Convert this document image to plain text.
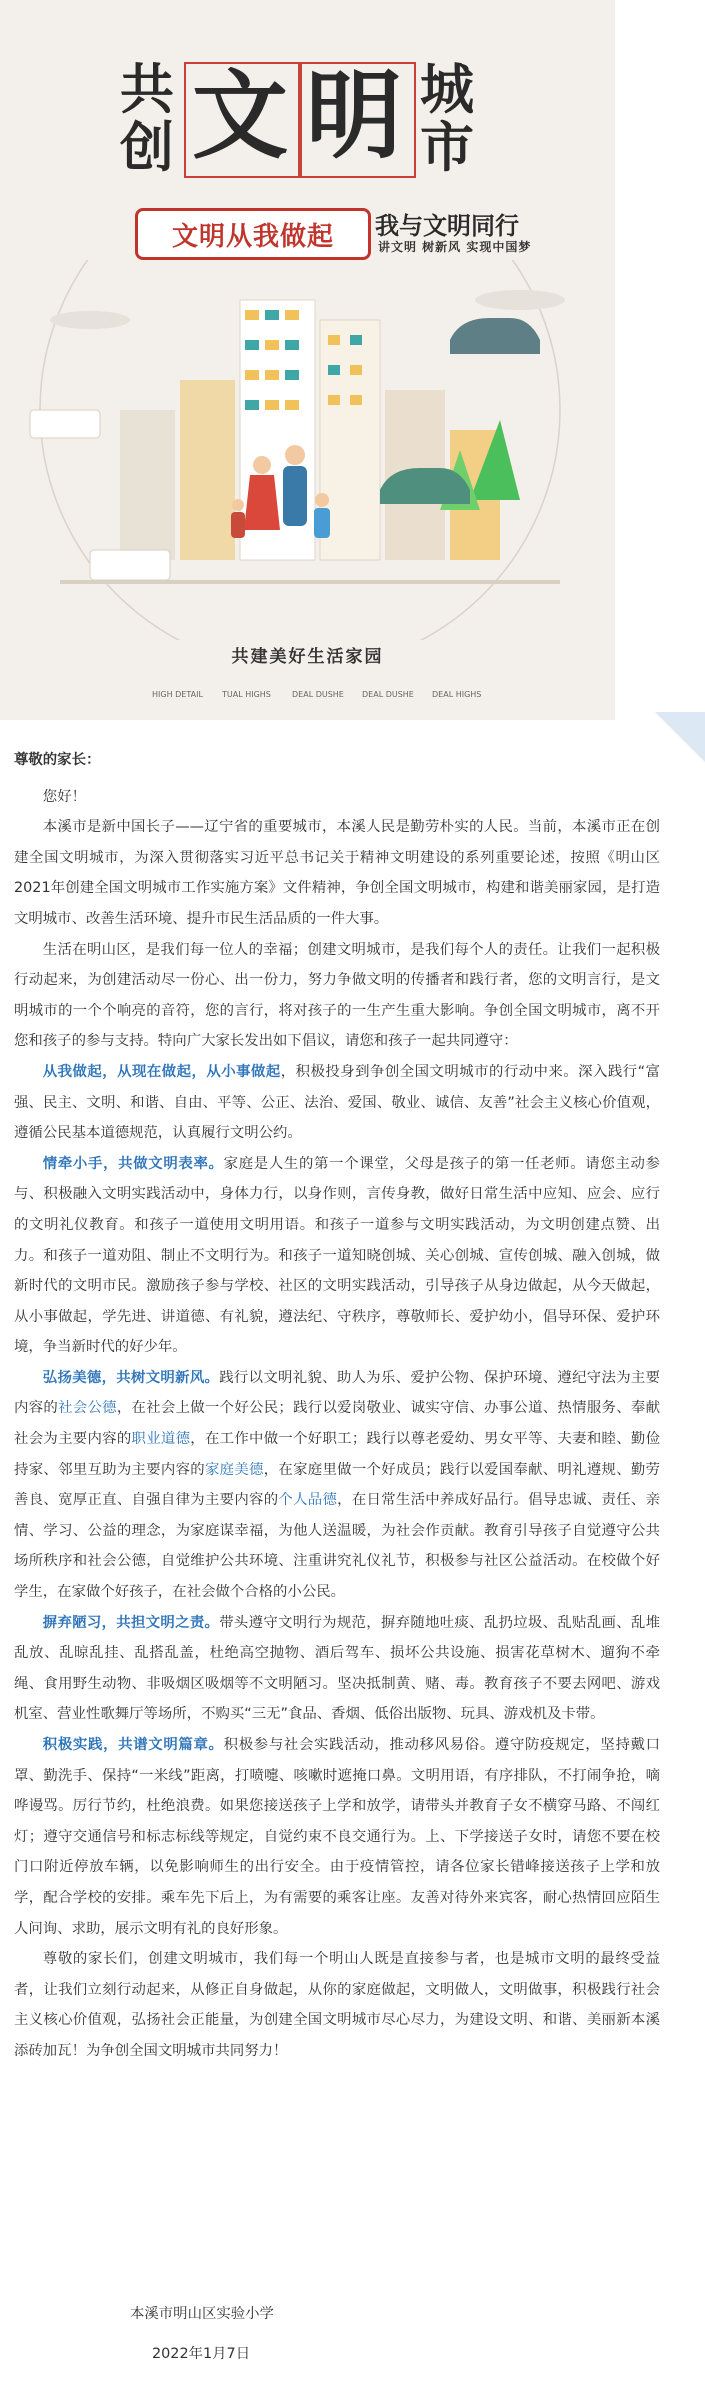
共
创 文 明 城
市
文明从我做起	我与文明同行
讲文明 树新风 实现中国梦
共建美好生活家园
HIGH DETAIL TUAL HIGHS	DEAL DUSHE DEAL DUSHE DEAL HIGHS

尊敬的家长：

您好！

本溪市是新中国长子——辽宁省的重要城市，本溪人民是勤劳朴实的人民。当前，本溪市正在创建全国文明城市，为深入贯彻落实习近平总书记关于精神文明建设的系列重要论述，按照《明山区2021年创建全国文明城市工作实施方案》文件精神，争创全国文明城市，构建和谐美丽家园，是打造文明城市、改善生活环境、提升市民生活品质的一件大事。

生活在明山区，是我们每一位人的幸福；创建文明城市，是我们每个人的责任。让我们一起积极行动起来，为创建活动尽一份心、出一份力，努力争做文明的传播者和践行者，您的文明言行，是文明城市的一个个响亮的音符，您的言行，将对孩子的一生产生重大影响。争创全国文明城市，离不开您和孩子的参与支持。特向广大家长发出如下倡议，请您和孩子一起共同遵守：

从我做起，从现在做起，从小事做起，积极投身到争创全国文明城市的行动中来。深入践行“富强、民主、文明、和谐、自由、平等、公正、法治、爱国、敬业、诚信、友善”社会主义核心价值观，遵循公民基本道德规范，认真履行文明公约。

情牵小手，共做文明表率。家庭是人生的第一个课堂，父母是孩子的第一任老师。请您主动参与、积极融入文明实践活动中，身体力行，以身作则，言传身教，做好日常生活中应知、应会、应行的文明礼仪教育。和孩子一道使用文明用语。和孩子一道参与文明实践活动，为文明创建点赞、出力。和孩子一道劝阻、制止不文明行为。和孩子一道知晓创城、关心创城、宣传创城、融入创城，做新时代的文明市民。激励孩子参与学校、社区的文明实践活动，引导孩子从身边做起，从今天做起，从小事做起，学先进、讲道德、有礼貌，遵法纪、守秩序，尊敬师长、爱护幼小，倡导环保、爱护环境，争当新时代的好少年。

弘扬美德，共树文明新风。践行以文明礼貌、助人为乐、爱护公物、保护环境、遵纪守法为主要内容的社会公德，在社会上做一个好公民；践行以爱岗敬业、诚实守信、办事公道、热情服务、奉献社会为主要内容的职业道德，在工作中做一个好职工；践行以尊老爱幼、男女平等、夫妻和睦、勤俭持家、邻里互助为主要内容的家庭美德，在家庭里做一个好成员；践行以爱国奉献、明礼遵规、勤劳善良、宽厚正直、自强自律为主要内容的个人品德，在日常生活中养成好品行。倡导忠诚、责任、亲情、学习、公益的理念，为家庭谋幸福，为他人送温暖，为社会作贡献。教育引导孩子自觉遵守公共场所秩序和社会公德，自觉维护公共环境、注重讲究礼仪礼节，积极参与社区公益活动。在校做个好学生，在家做个好孩子，在社会做个合格的小公民。

摒弃陋习，共担文明之责。带头遵守文明行为规范，摒弃随地吐痰、乱扔垃圾、乱贴乱画、乱堆乱放、乱晾乱挂、乱搭乱盖，杜绝高空抛物、酒后驾车、损坏公共设施、损害花草树木、遛狗不牵绳、食用野生动物、非吸烟区吸烟等不文明陋习。坚决抵制黄、赌、毒。教育孩子不要去网吧、游戏机室、营业性歌舞厅等场所，不购买“三无”食品、香烟、低俗出版物、玩具、游戏机及卡带。

积极实践，共谱文明篇章。积极参与社会实践活动，推动移风易俗。遵守防疫规定，坚持戴口罩、勤洗手、保持“一米线”距离，打喷嚏、咳嗽时遮掩口鼻。文明用语，有序排队，不打闹争抢，嘀哗谩骂。厉行节约，杜绝浪费。如果您接送孩子上学和放学，请带头并教育子女不横穿马路、不闯红灯；遵守交通信号和标志标线等规定，自觉约束不良交通行为。上、下学接送子女时，请您不要在校门口附近停放车辆，以免影响师生的出行安全。由于疫情管控，请各位家长错峰接送孩子上学和放学，配合学校的安排。乘车先下后上，为有需要的乘客让座。友善对待外来宾客，耐心热情回应陌生人问询、求助，展示文明有礼的良好形象。

尊敬的家长们，创建文明城市，我们每一个明山人既是直接参与者，也是城市文明的最终受益者，让我们立刻行动起来，从修正自身做起，从你的家庭做起，文明做人，文明做事，积极践行社会主义核心价值观，弘扬社会正能量，为创建全国文明城市尽心尽力，为建设文明、和谐、美丽新本溪添砖加瓦！为争创全国文明城市共同努力！

本溪市明山区实验小学
2022年1月7日
